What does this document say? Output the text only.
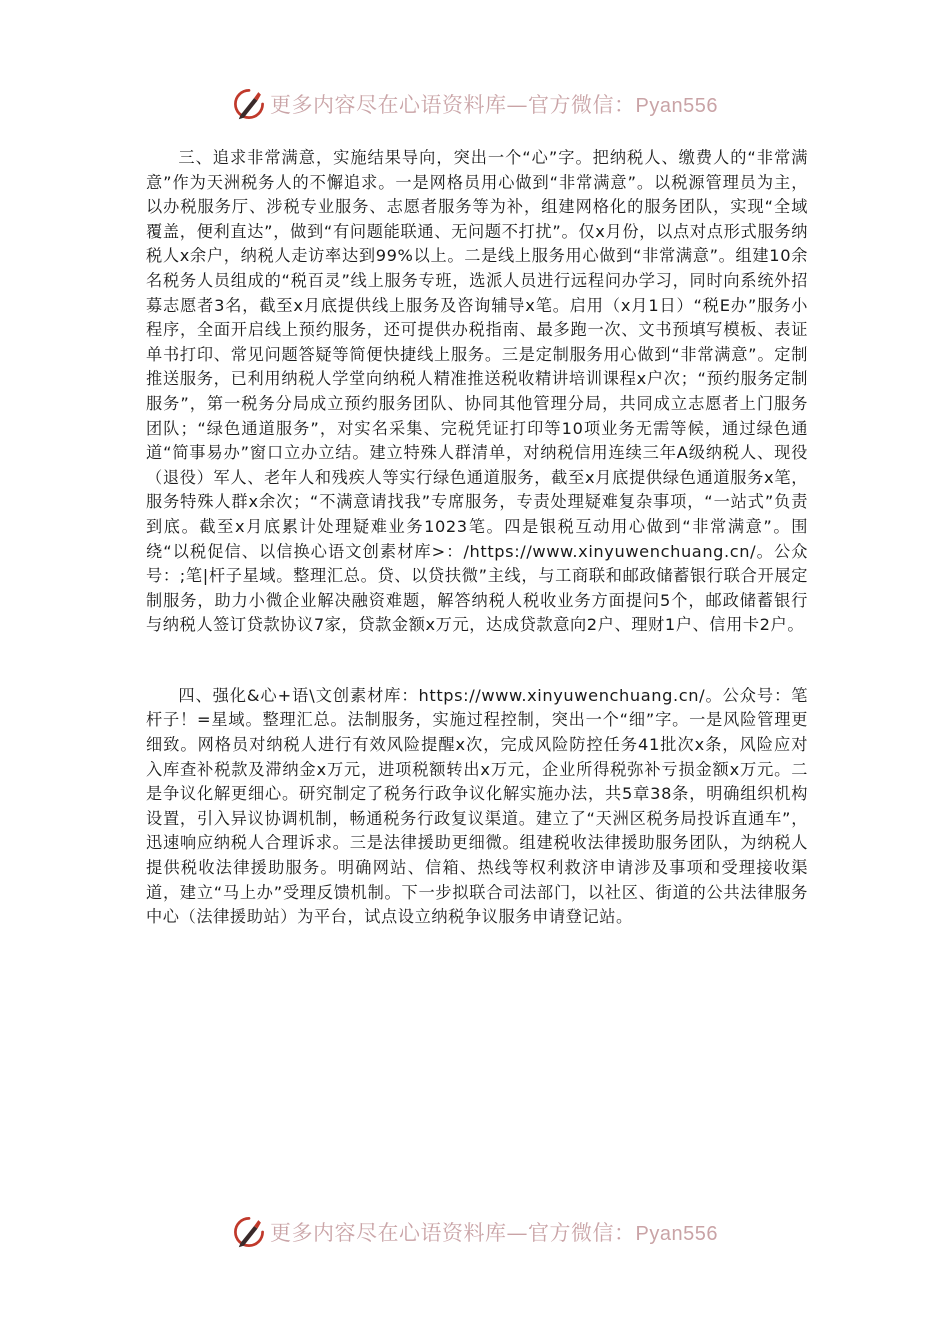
更多内容尽在心语资料库—官方微信：Pyan556

三、追求非常满意，实施结果导向，突出一个“心”字。把纳税人、缴费人的“非常满意”作为天洲税务人的不懈追求。一是网格员用心做到“非常满意”。以税源管理员为主，以办税服务厅、涉税专业服务、志愿者服务等为补，组建网格化的服务团队，实现“全域覆盖，便利直达”，做到“有问题能联通、无问题不打扰”。仅x月份，以点对点形式服务纳税人x余户，纳税人走访率达到99%以上。二是线上服务用心做到“非常满意”。组建10余名税务人员组成的“税百灵”线上服务专班，选派人员进行远程问办学习，同时向系统外招募志愿者3名，截至x月底提供线上服务及咨询辅导x笔。启用（x月1日）“税E办”服务小程序，全面开启线上预约服务，还可提供办税指南、最多跑一次、文书预填写模板、表证单书打印、常见问题答疑等简便快捷线上服务。三是定制服务用心做到“非常满意”。定制推送服务，已利用纳税人学堂向纳税人精准推送税收精讲培训课程x户次；“预约服务定制服务”，第一税务分局成立预约服务团队、协同其他管理分局，共同成立志愿者上门服务团队；“绿色通道服务”，对实名采集、完税凭证打印等10项业务无需等候，通过绿色通道“简事易办”窗口立办立结。建立特殊人群清单，对纳税信用连续三年A级纳税人、现役（退役）军人、老年人和残疾人等实行绿色通道服务，截至x月底提供绿色通道服务x笔，服务特殊人群x余次；“不满意请找我”专席服务，专责处理疑难复杂事项，“一站式”负责到底。截至x月底累计处理疑难业务1023笔。四是银税互动用心做到“非常满意”。围绕“以税促信、以信换心语文创素材库>：/https://www.xinyuwenchuang.cn/。公众号：;笔|杆子星域。整理汇总。贷、以贷扶微”主线，与工商联和邮政储蓄银行联合开展定制服务，助力小微企业解决融资难题，解答纳税人税收业务方面提问5个，邮政储蓄银行与纳税人签订贷款协议7家，贷款金额x万元，达成贷款意向2户、理财1户、信用卡2户。

四、强化&心+语\文创素材库：https://www.xinyuwenchuang.cn/。公众号：笔杆子！=星域。整理汇总。法制服务，实施过程控制，突出一个“细”字。一是风险管理更细致。网格员对纳税人进行有效风险提醒x次，完成风险防控任务41批次x条，风险应对入库查补税款及滞纳金x万元，进项税额转出x万元，企业所得税弥补亏损金额x万元。二是争议化解更细心。研究制定了税务行政争议化解实施办法，共5章38条，明确组织机构设置，引入异议协调机制，畅通税务行政复议渠道。建立了“天洲区税务局投诉直通车”，迅速响应纳税人合理诉求。三是法律援助更细微。组建税收法律援助服务团队，为纳税人提供税收法律援助服务。明确网站、信箱、热线等权利救济申请涉及事项和受理接收渠道，建立“马上办”受理反馈机制。下一步拟联合司法部门，以社区、街道的公共法律服务中心（法律援助站）为平台，试点设立纳税争议服务申请登记站。

更多内容尽在心语资料库—官方微信：Pyan556
